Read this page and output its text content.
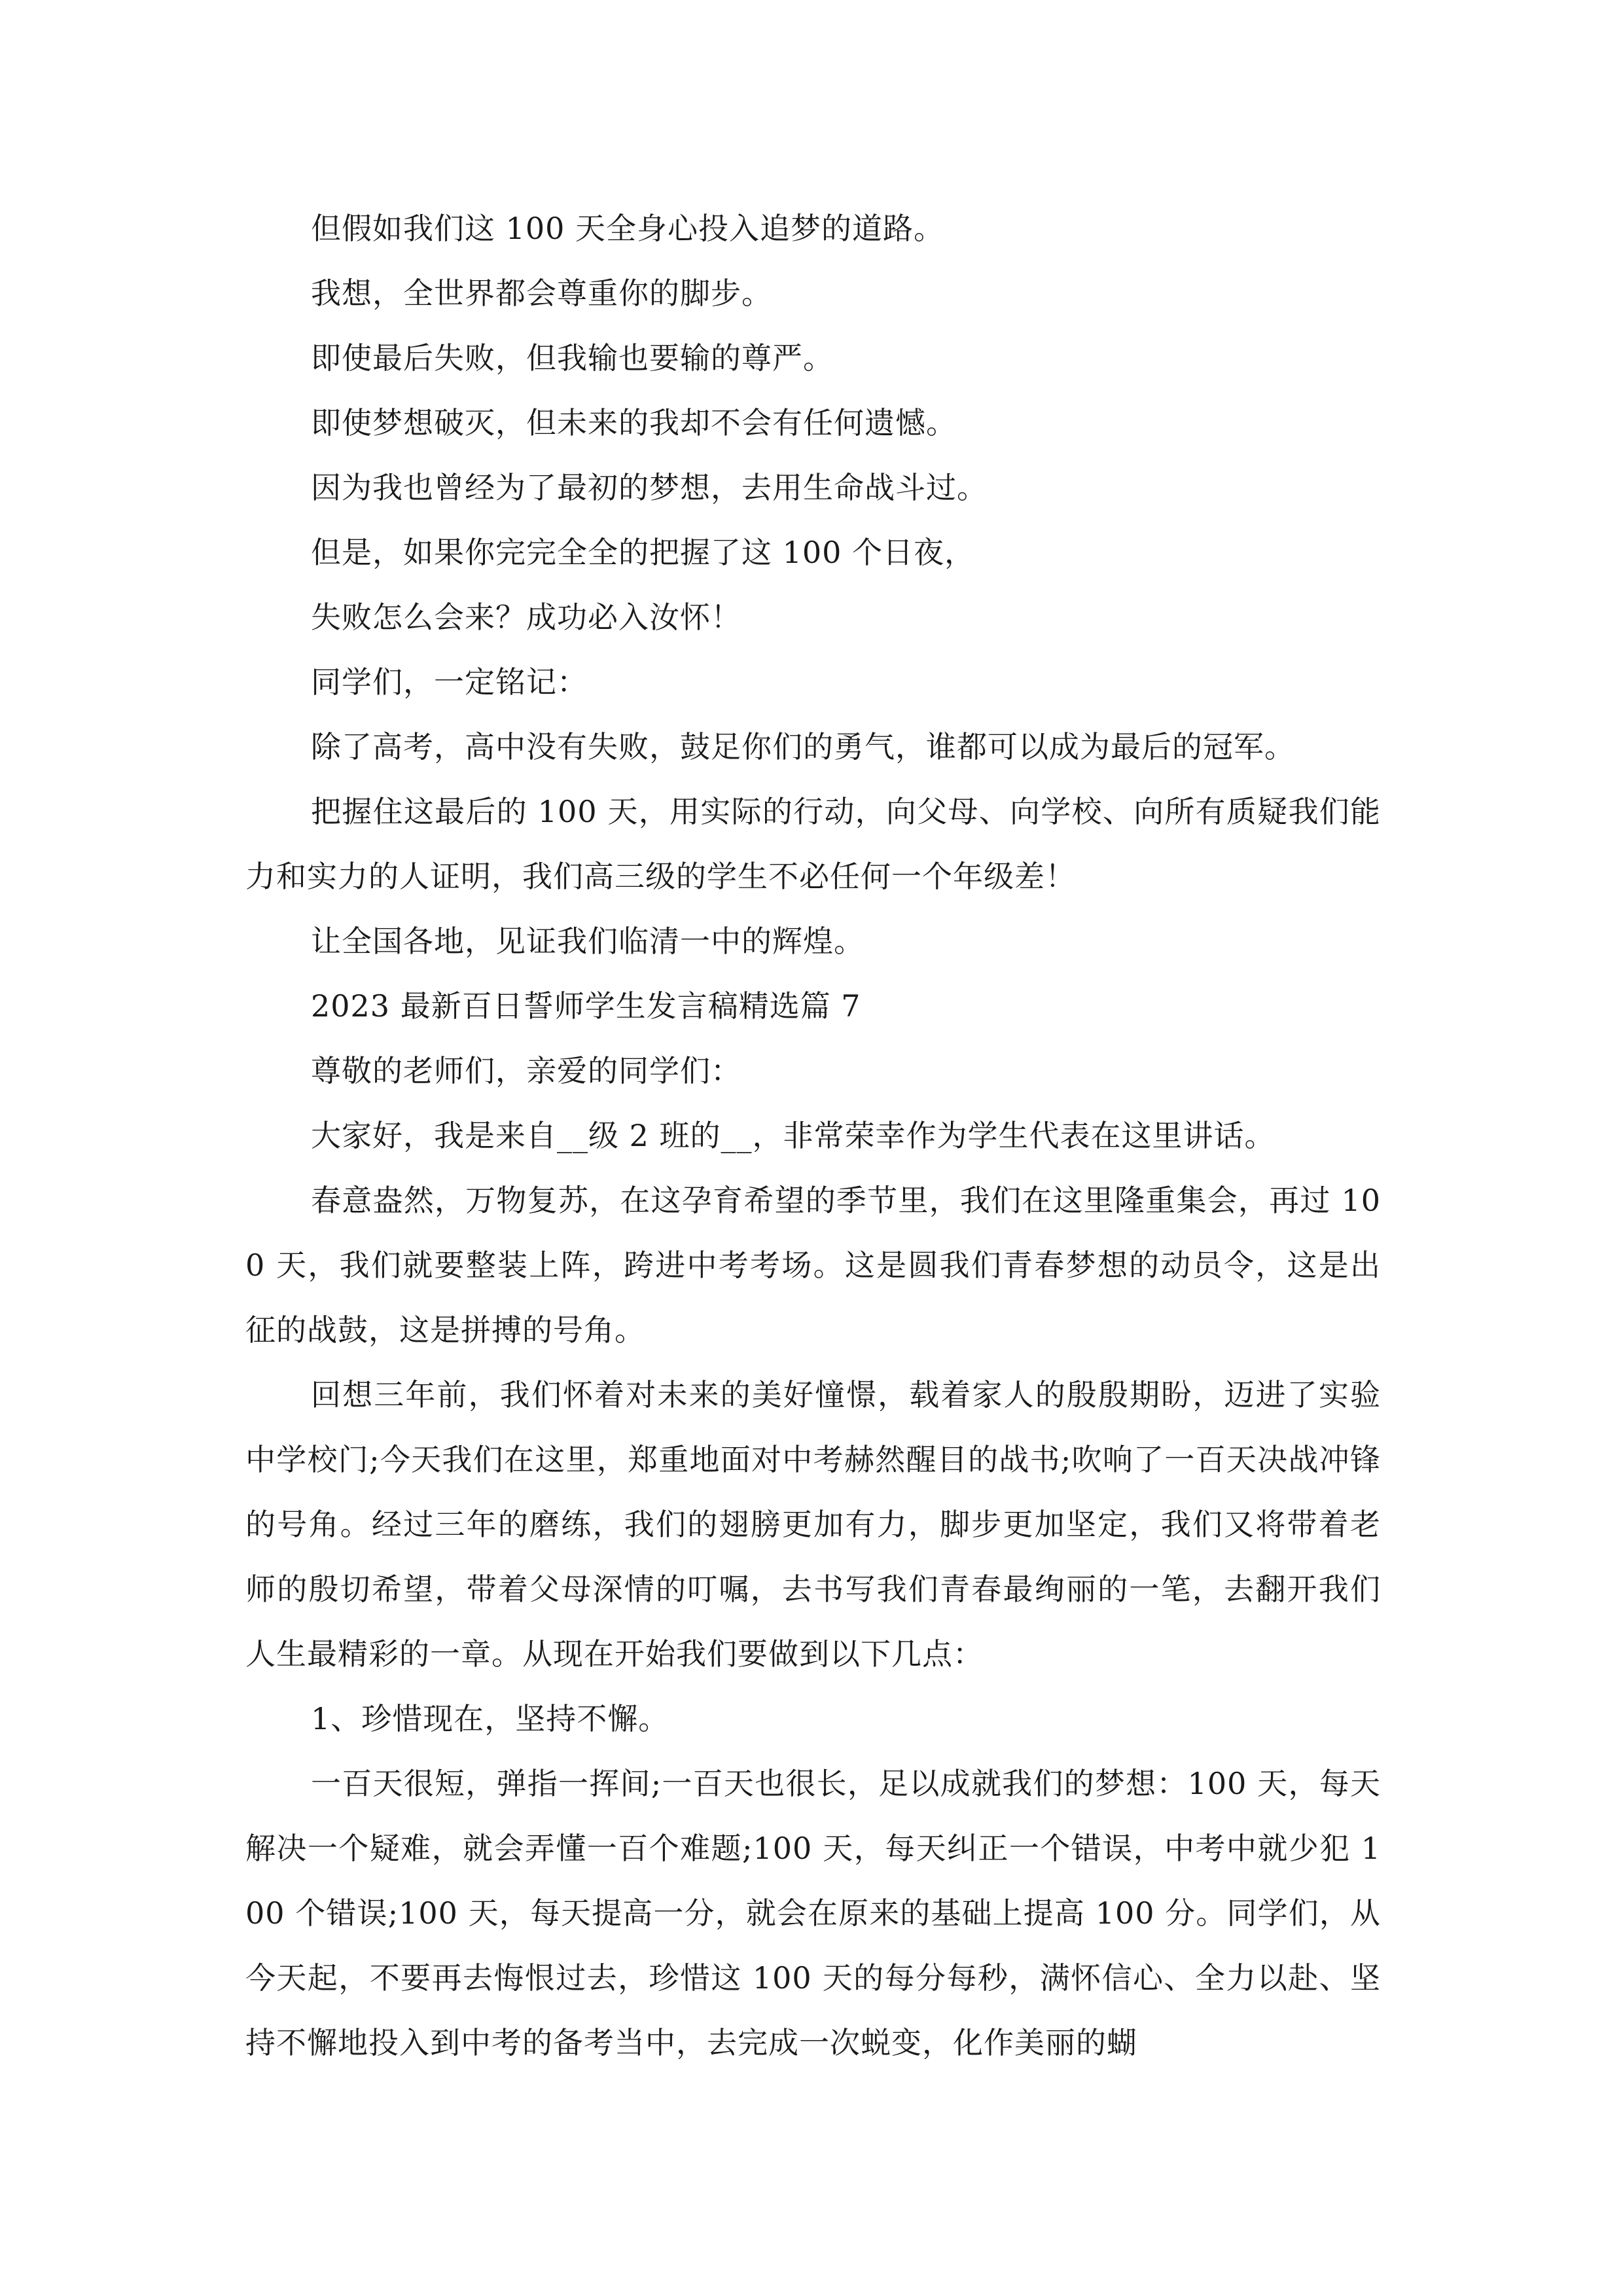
但假如我们这 100 天全身心投入追梦的道路。

我想，全世界都会尊重你的脚步。

即使最后失败，但我输也要输的尊严。

即使梦想破灭，但未来的我却不会有任何遗憾。

因为我也曾经为了最初的梦想，去用生命战斗过。

但是，如果你完完全全的把握了这 100 个日夜，

失败怎么会来？成功必入汝怀！

同学们，一定铭记：

除了高考，高中没有失败，鼓足你们的勇气，谁都可以成为最后的冠军。

把握住这最后的 100 天，用实际的行动，向父母、向学校、向所有质疑我们能力和实力的人证明，我们高三级的学生不必任何一个年级差！

让全国各地，见证我们临清一中的辉煌。

2023 最新百日誓师学生发言稿精选篇 7

尊敬的老师们，亲爱的同学们：

大家好，我是来自__级 2 班的__，非常荣幸作为学生代表在这里讲话。

春意盎然，万物复苏，在这孕育希望的季节里，我们在这里隆重集会，再过 100 天，我们就要整装上阵，跨进中考考场。这是圆我们青春梦想的动员令，这是出征的战鼓，这是拼搏的号角。

回想三年前，我们怀着对未来的美好憧憬，载着家人的殷殷期盼，迈进了实验中学校门;今天我们在这里，郑重地面对中考赫然醒目的战书;吹响了一百天决战冲锋的号角。经过三年的磨练，我们的翅膀更加有力，脚步更加坚定，我们又将带着老师的殷切希望，带着父母深情的叮嘱，去书写我们青春最绚丽的一笔，去翻开我们人生最精彩的一章。从现在开始我们要做到以下几点：

1、珍惜现在，坚持不懈。

一百天很短，弹指一挥间;一百天也很长，足以成就我们的梦想：100 天，每天解决一个疑难，就会弄懂一百个难题;100 天，每天纠正一个错误，中考中就少犯 100 个错误;100 天，每天提高一分，就会在原来的基础上提高 100 分。同学们，从今天起，不要再去悔恨过去，珍惜这 100 天的每分每秒，满怀信心、全力以赴、坚持不懈地投入到中考的备考当中，去完成一次蜕变，化作美丽的蝴
